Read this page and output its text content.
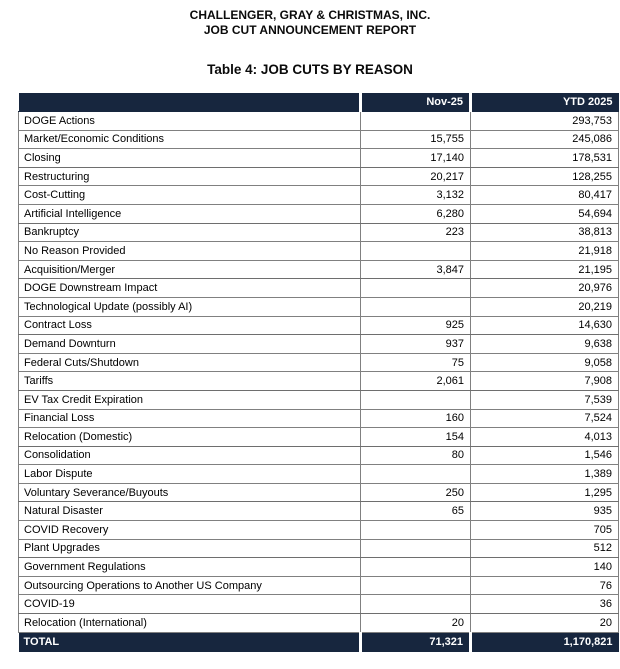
CHALLENGER, GRAY & CHRISTMAS, INC.
JOB CUT ANNOUNCEMENT REPORT
Table 4: JOB CUTS BY REASON
	Nov-25	YTD 2025
DOGE Actions		293,753
Market/Economic Conditions	15,755	245,086
Closing	17,140	178,531
Restructuring	20,217	128,255
Cost-Cutting	3,132	80,417
Artificial Intelligence	6,280	54,694
Bankruptcy	223	38,813
No Reason Provided		21,918
Acquisition/Merger	3,847	21,195
DOGE Downstream Impact		20,976
Technological Update (possibly AI)		20,219
Contract Loss	925	14,630
Demand Downturn	937	9,638
Federal Cuts/Shutdown	75	9,058
Tariffs	2,061	7,908
EV Tax Credit Expiration		7,539
Financial Loss	160	7,524
Relocation (Domestic)	154	4,013
Consolidation	80	1,546
Labor Dispute		1,389
Voluntary Severance/Buyouts	250	1,295
Natural Disaster	65	935
COVID Recovery		705
Plant Upgrades		512
Government Regulations		140
Outsourcing Operations to Another US Company		76
COVID-19		36
Relocation (International)	20	20
TOTAL	71,321	1,170,821
